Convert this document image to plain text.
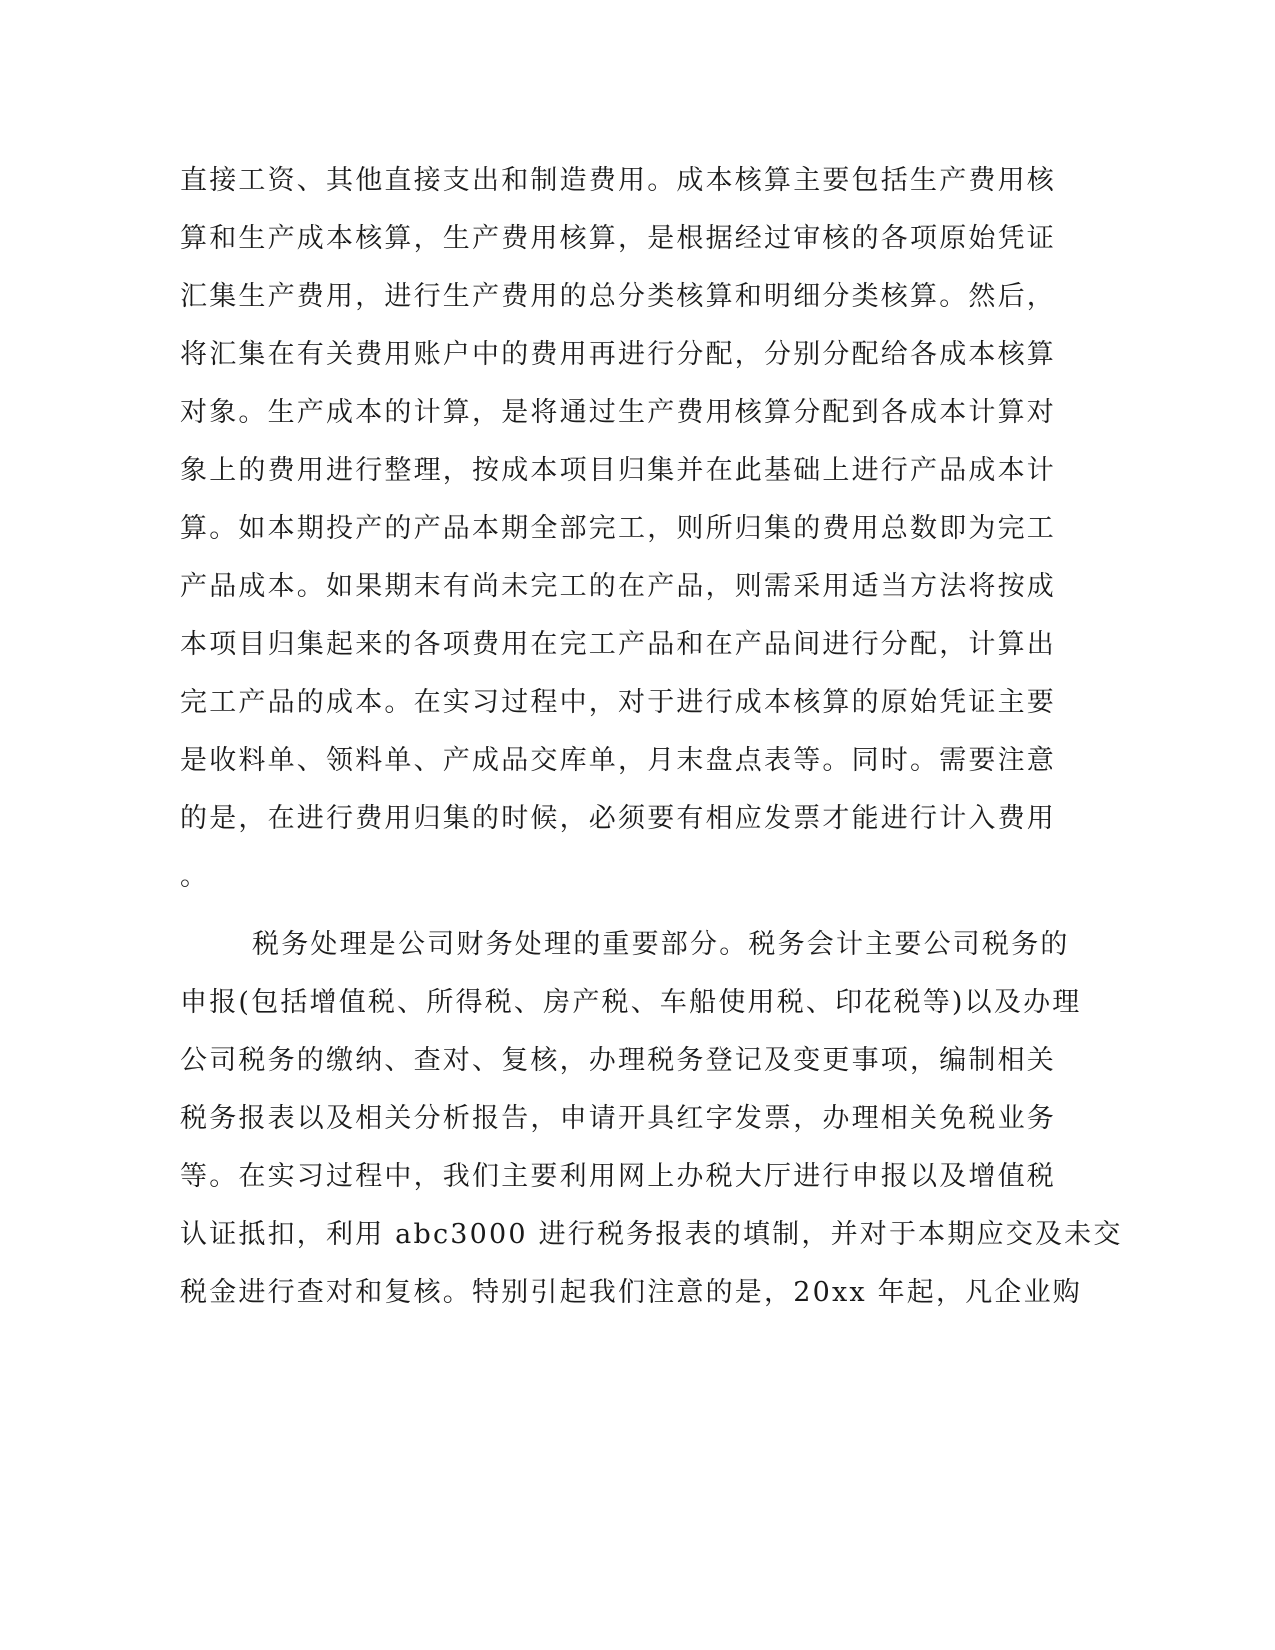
直接工资、其他直接支出和制造费用。成本核算主要包括生产费用核
算和生产成本核算，生产费用核算，是根据经过审核的各项原始凭证
汇集生产费用，进行生产费用的总分类核算和明细分类核算。然后，
将汇集在有关费用账户中的费用再进行分配，分别分配给各成本核算
对象。生产成本的计算，是将通过生产费用核算分配到各成本计算对
象上的费用进行整理，按成本项目归集并在此基础上进行产品成本计
算。如本期投产的产品本期全部完工，则所归集的费用总数即为完工
产品成本。如果期末有尚未完工的在产品，则需采用适当方法将按成
本项目归集起来的各项费用在完工产品和在产品间进行分配，计算出
完工产品的成本。在实习过程中，对于进行成本核算的原始凭证主要
是收料单、领料单、产成品交库单，月末盘点表等。同时。需要注意
的是，在进行费用归集的时候，必须要有相应发票才能进行计入费用
。
税务处理是公司财务处理的重要部分。税务会计主要公司税务的
申报(包括增值税、所得税、房产税、车船使用税、印花税等)以及办理
公司税务的缴纳、查对、复核，办理税务登记及变更事项，编制相关
税务报表以及相关分析报告，申请开具红字发票，办理相关免税业务
等。在实习过程中，我们主要利用网上办税大厅进行申报以及增值税
认证抵扣，利用 abc3000 进行税务报表的填制，并对于本期应交及未交
税金进行查对和复核。特别引起我们注意的是，20xx 年起，凡企业购
